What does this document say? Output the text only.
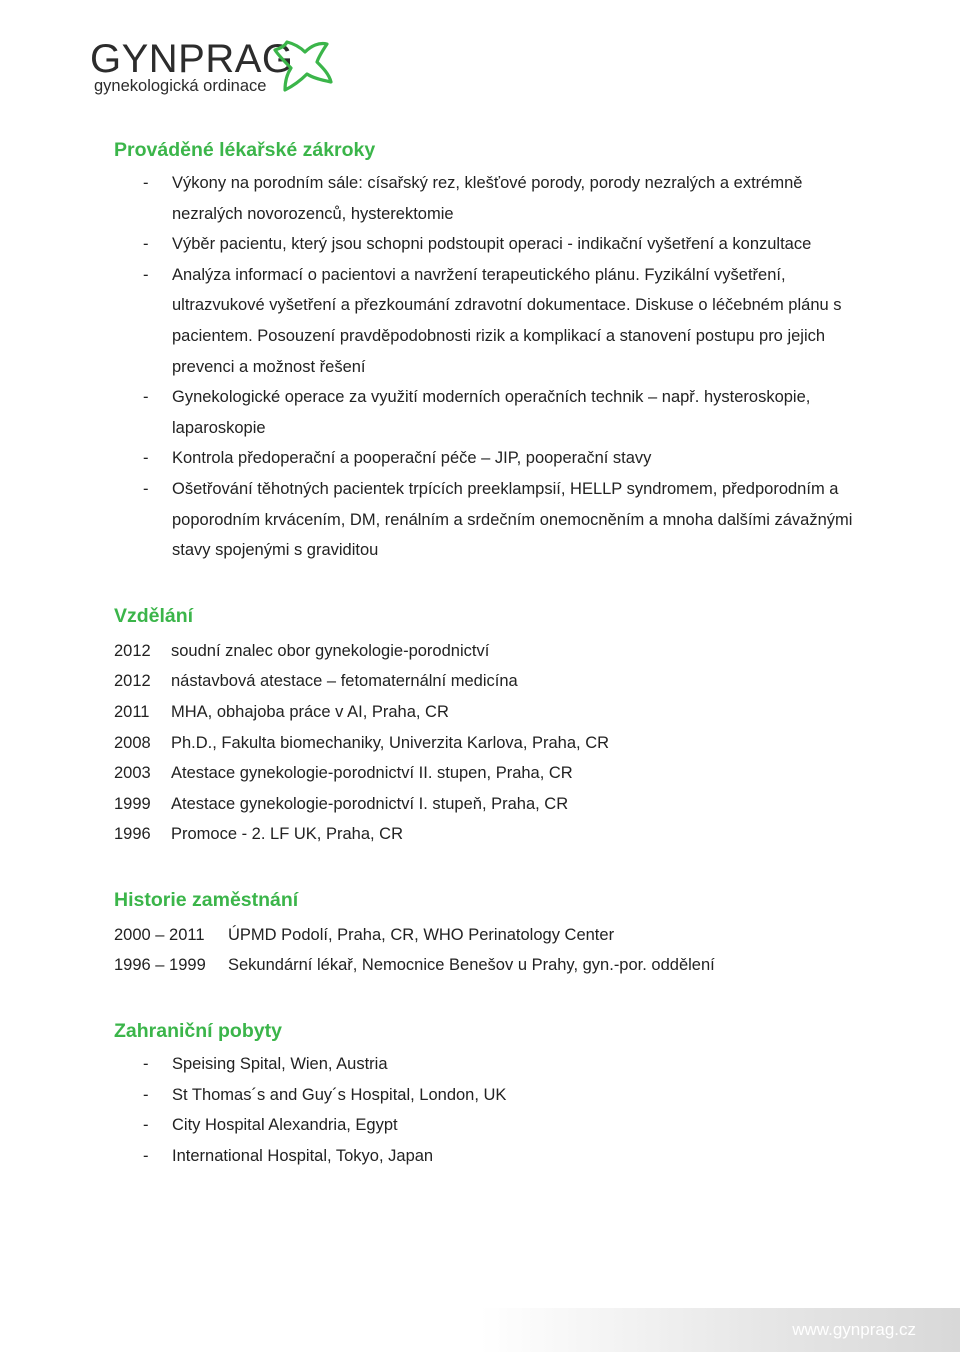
GYNPRAG
gynekologická ordinace
Prováděné lékařské zákroky
- Výkony na porodním sále: císařský rez, klešťové porody, porody nezralých a extrémně nezralých novorozenců, hysterektomie
- Výběr pacientu, který jsou schopni podstoupit operaci - indikační vyšetření a konzultace
- Analýza informací o pacientovi a navržení terapeutického plánu. Fyzikální vyšetření, ultrazvukové vyšetření a přezkoumání zdravotní dokumentace. Diskuse o léčebném plánu s pacientem. Posouzení pravděpodobnosti rizik a komplikací a stanovení postupu pro jejich prevenci a možnost řešení
- Gynekologické operace za využití moderních operačních technik – např. hysteroskopie, laparoskopie
- Kontrola předoperační a pooperační péče – JIP, pooperační stavy
- Ošetřování těhotných pacientek trpících preeklampsií, HELLP syndromem, předporodním a poporodním krvácením, DM, renálním a srdečním onemocněním a mnoha dalšími závažnými stavy spojenými s graviditou
Vzdělání
2012 soudní znalec obor gynekologie-porodnictví
2012 nástavbová atestace – fetomaternální medicína
2011 MHA, obhajoba práce v AI, Praha, CR
2008 Ph.D., Fakulta biomechaniky, Univerzita Karlova, Praha, CR
2003 Atestace gynekologie-porodnictví II. stupen, Praha, CR
1999 Atestace gynekologie-porodnictví I. stupeň, Praha, CR
1996 Promoce - 2. LF UK, Praha, CR
Historie zaměstnání
2000 – 2011 ÚPMD Podolí, Praha, CR, WHO Perinatology Center
1996 – 1999 Sekundární lékař, Nemocnice Benešov u Prahy, gyn.-por. oddělení
Zahraniční pobyty
- Speising Spital, Wien, Austria
- St Thomas´s and Guy´s Hospital, London, UK
- City Hospital Alexandria, Egypt
- International Hospital, Tokyo, Japan
www.gynprag.cz
